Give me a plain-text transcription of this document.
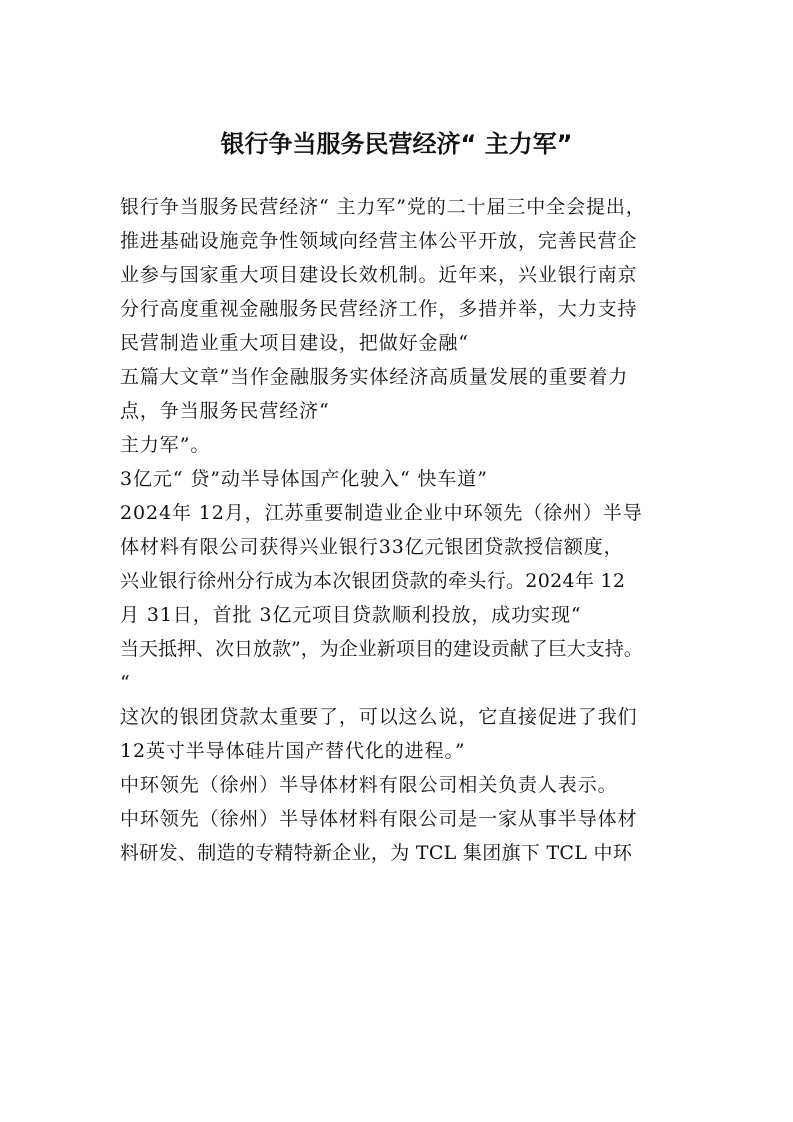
银行争当服务民营经济“ 主力军”

银行争当服务民营经济“ 主力军”党的二十届三中全会提出，

推进基础设施竞争性领域向经营主体公平开放，完善民营企

业参与国家重大项目建设长效机制。近年来，兴业银行南京

分行高度重视金融服务民营经济工作，多措并举，大力支持

民营制造业重大项目建设，把做好金融“

五篇大文章”当作金融服务实体经济高质量发展的重要着力

点，争当服务民营经济“

主力军”。

3亿元“ 贷”动半导体国产化驶入“ 快车道”

2024年 12月，江苏重要制造业企业中环领先（徐州）半导

体材料有限公司获得兴业银行33亿元银团贷款授信额度，

兴业银行徐州分行成为本次银团贷款的牵头行。2024年 12

月 31日，首批 3亿元项目贷款顺利投放，成功实现“

当天抵押、次日放款”，为企业新项目的建设贡献了巨大支持。

“

这次的银团贷款太重要了，可以这么说，它直接促进了我们

12英寸半导体硅片国产替代化的进程。”

中环领先（徐州）半导体材料有限公司相关负责人表示。

中环领先（徐州）半导体材料有限公司是一家从事半导体材

料研发、制造的专精特新企业，为 TCL 集团旗下 TCL 中环
